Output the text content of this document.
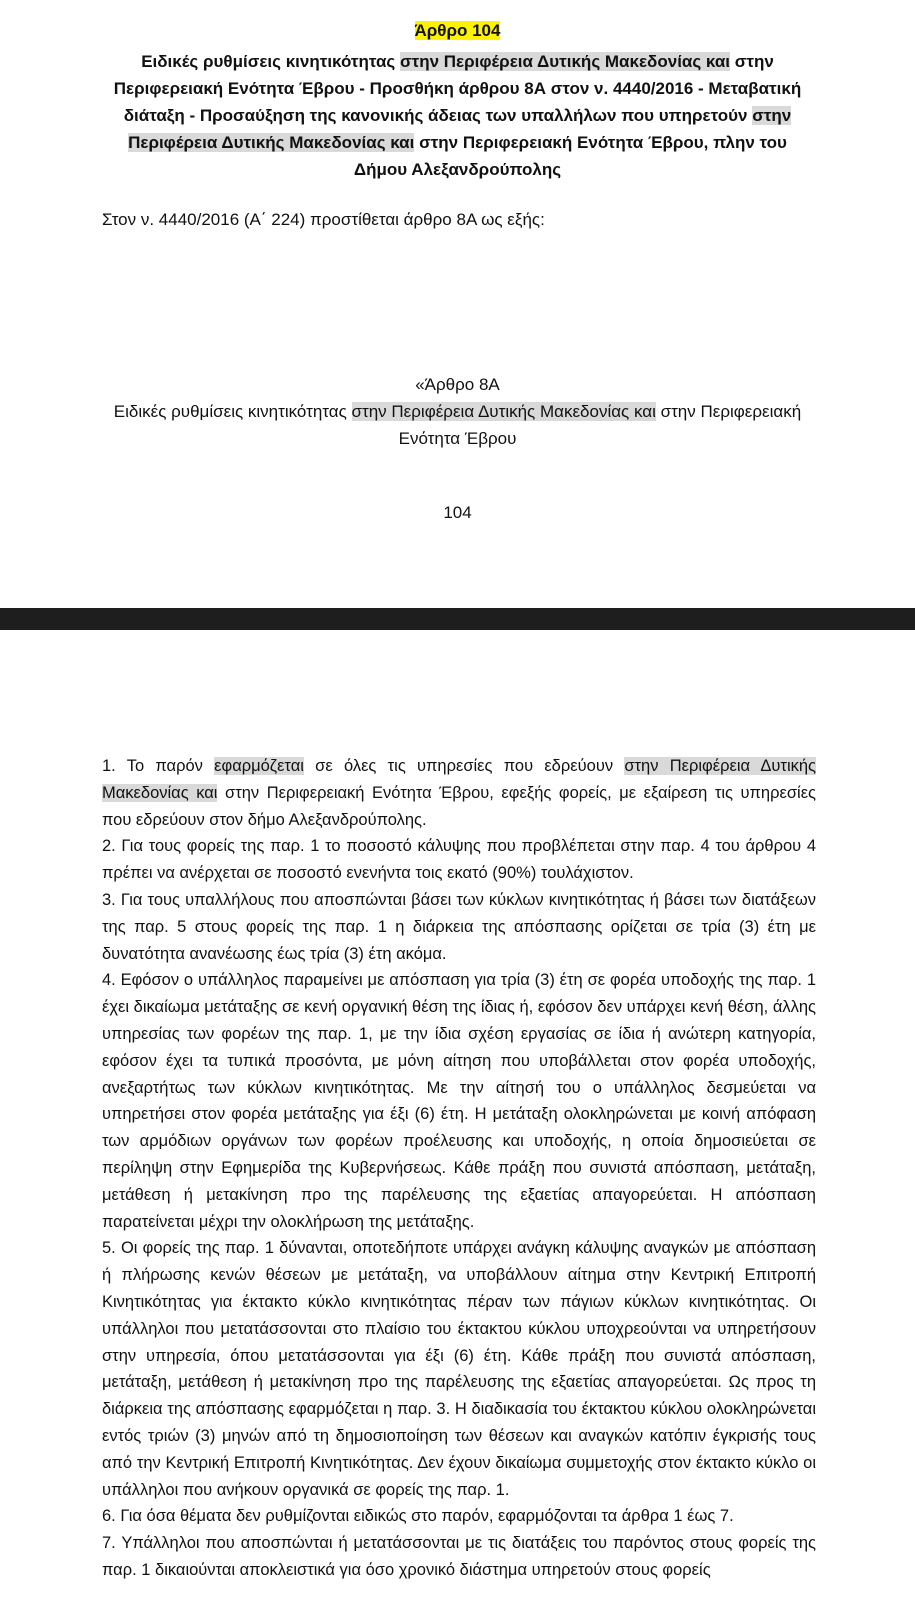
Άρθρο 104
Ειδικές ρυθμίσεις κινητικότητας στην Περιφέρεια Δυτικής Μακεδονίας και στην Περιφερειακή Ενότητα Έβρου - Προσθήκη άρθρου 8Α στον ν. 4440/2016 - Μεταβατική διάταξη - Προσαύξηση της κανονικής άδειας των υπαλλήλων που υπηρετούν στην Περιφέρεια Δυτικής Μακεδονίας και στην Περιφερειακή Ενότητα Έβρου, πλην του Δήμου Αλεξανδρούπολης
Στον ν. 4440/2016 (Α΄ 224) προστίθεται άρθρο 8Α ως εξής:
«Άρθρο 8Α
Ειδικές ρυθμίσεις κινητικότητας στην Περιφέρεια Δυτικής Μακεδονίας και στην Περιφερειακή Ενότητα Έβρου
104

1. Το παρόν εφαρμόζεται σε όλες τις υπηρεσίες που εδρεύουν στην Περιφέρεια Δυτικής Μακεδονίας και στην Περιφερειακή Ενότητα Έβρου, εφεξής φορείς, με εξαίρεση τις υπηρεσίες που εδρεύουν στον δήμο Αλεξανδρούπολης.

2. Για τους φορείς της παρ. 1 το ποσοστό κάλυψης που προβλέπεται στην παρ. 4 του άρθρου 4 πρέπει να ανέρχεται σε ποσοστό ενενήντα τοις εκατό (90%) τουλάχιστον.

3. Για τους υπαλλήλους που αποσπώνται βάσει των κύκλων κινητικότητας ή βάσει των διατάξεων της παρ. 5 στους φορείς της παρ. 1 η διάρκεια της απόσπασης ορίζεται σε τρία (3) έτη με δυνατότητα ανανέωσης έως τρία (3) έτη ακόμα.

4. Εφόσον ο υπάλληλος παραμείνει με απόσπαση για τρία (3) έτη σε φορέα υποδοχής της παρ. 1 έχει δικαίωμα μετάταξης σε κενή οργανική θέση της ίδιας ή, εφόσον δεν υπάρχει κενή θέση, άλλης υπηρεσίας των φορέων της παρ. 1, με την ίδια σχέση εργασίας σε ίδια ή ανώτερη κατηγορία, εφόσον έχει τα τυπικά προσόντα, με μόνη αίτηση που υποβάλλεται στον φορέα υποδοχής, ανεξαρτήτως των κύκλων κινητικότητας. Με την αίτησή του ο υπάλληλος δεσμεύεται να υπηρετήσει στον φορέα μετάταξης για έξι (6) έτη. Η μετάταξη ολοκληρώνεται με κοινή απόφαση των αρμόδιων οργάνων των φορέων προέλευσης και υποδοχής, η οποία δημοσιεύεται σε περίληψη στην Εφημερίδα της Κυβερνήσεως. Κάθε πράξη που συνιστά απόσπαση, μετάταξη, μετάθεση ή μετακίνηση προ της παρέλευσης της εξαετίας απαγορεύεται. Η απόσπαση παρατείνεται μέχρι την ολοκλήρωση της μετάταξης.

5. Οι φορείς της παρ. 1 δύνανται, οποτεδήποτε υπάρχει ανάγκη κάλυψης αναγκών με απόσπαση ή πλήρωσης κενών θέσεων με μετάταξη, να υποβάλλουν αίτημα στην Κεντρική Επιτροπή Κινητικότητας για έκτακτο κύκλο κινητικότητας πέραν των πάγιων κύκλων κινητικότητας. Οι υπάλληλοι που μετατάσσονται στο πλαίσιο του έκτακτου κύκλου υποχρεούνται να υπηρετήσουν στην υπηρεσία, όπου μετατάσσονται για έξι (6) έτη. Κάθε πράξη που συνιστά απόσπαση, μετάταξη, μετάθεση ή μετακίνηση προ της παρέλευσης της εξαετίας απαγορεύεται. Ως προς τη διάρκεια της απόσπασης εφαρμόζεται η παρ. 3. Η διαδικασία του έκτακτου κύκλου ολοκληρώνεται εντός τριών (3) μηνών από τη δημοσιοποίηση των θέσεων και αναγκών κατόπιν έγκρισής τους από την Κεντρική Επιτροπή Κινητικότητας. Δεν έχουν δικαίωμα συμμετοχής στον έκτακτο κύκλο οι υπάλληλοι που ανήκουν οργανικά σε φορείς της παρ. 1.

6. Για όσα θέματα δεν ρυθμίζονται ειδικώς στο παρόν, εφαρμόζονται τα άρθρα 1 έως 7.

7. Υπάλληλοι που αποσπώνται ή μετατάσσονται με τις διατάξεις του παρόντος στους φορείς της παρ. 1 δικαιούνται αποκλειστικά για όσο χρονικό διάστημα υπηρετούν στους φορείς
